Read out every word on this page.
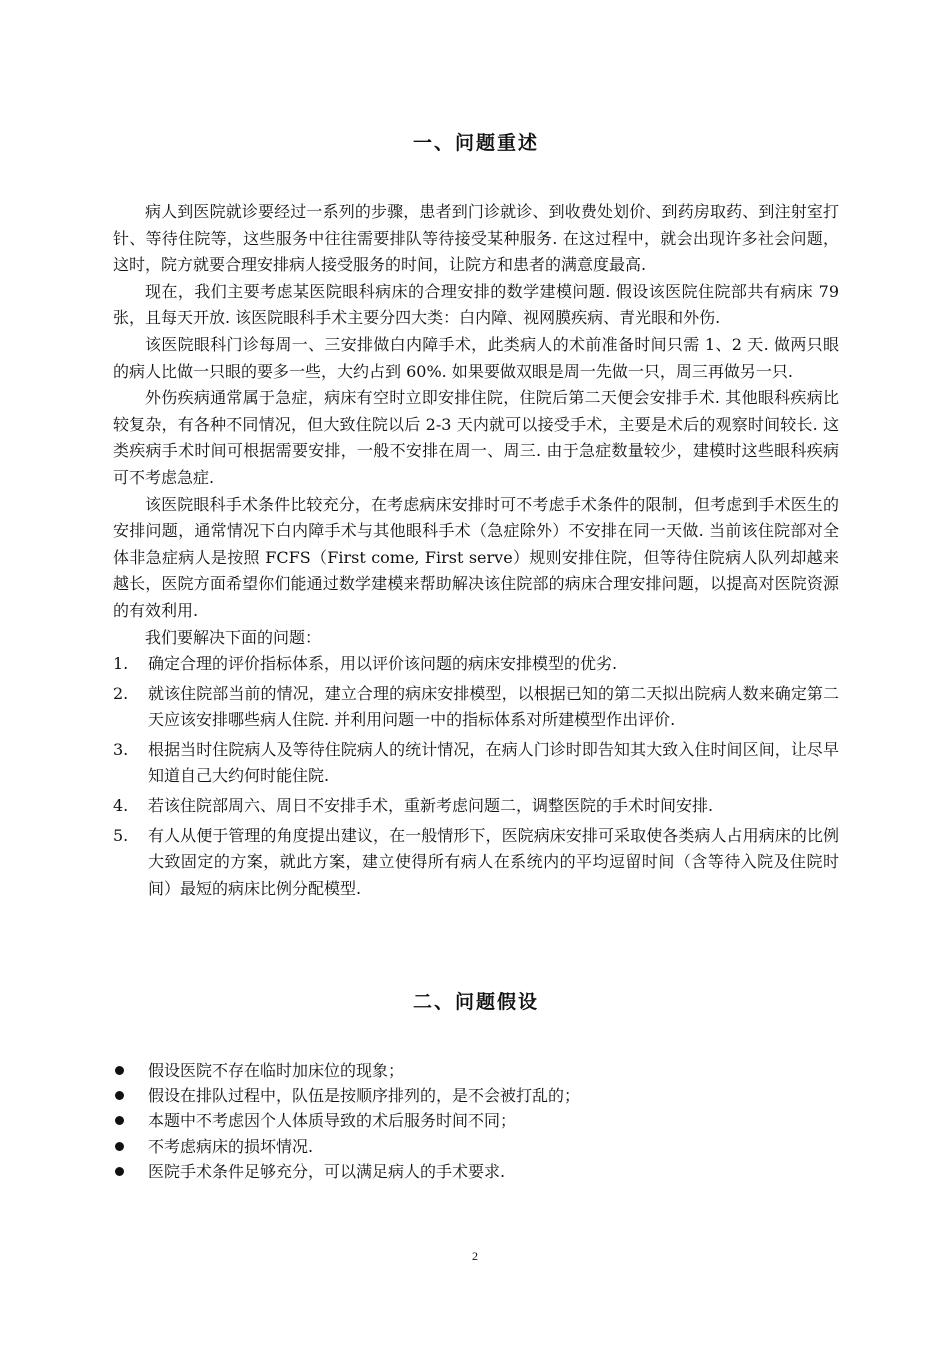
一、问题重述

病人到医院就诊要经过一系列的步骤，患者到门诊就诊、到收费处划价、到药房取药、到注射室打针、等待住院等，这些服务中往往需要排队等待接受某种服务. 在这过程中，就会出现许多社会问题，这时，院方就要合理安排病人接受服务的时间，让院方和患者的满意度最高.

现在，我们主要考虑某医院眼科病床的合理安排的数学建模问题. 假设该医院住院部共有病床 79 张，且每天开放. 该医院眼科手术主要分四大类：白内障、视网膜疾病、青光眼和外伤.

该医院眼科门诊每周一、三安排做白内障手术，此类病人的术前准备时间只需 1、2 天. 做两只眼的病人比做一只眼的要多一些，大约占到 60%. 如果要做双眼是周一先做一只，周三再做另一只.

外伤疾病通常属于急症，病床有空时立即安排住院，住院后第二天便会安排手术. 其他眼科疾病比较复杂，有各种不同情况，但大致住院以后 2-3 天内就可以接受手术，主要是术后的观察时间较长. 这类疾病手术时间可根据需要安排，一般不安排在周一、周三. 由于急症数量较少，建模时这些眼科疾病可不考虑急症.

该医院眼科手术条件比较充分，在考虑病床安排时可不考虑手术条件的限制，但考虑到手术医生的安排问题，通常情况下白内障手术与其他眼科手术（急症除外）不安排在同一天做. 当前该住院部对全体非急症病人是按照 FCFS（First come, First serve）规则安排住院，但等待住院病人队列却越来越长，医院方面希望你们能通过数学建模来帮助解决该住院部的病床合理安排问题，以提高对医院资源的有效利用.

我们要解决下面的问题：

1. 确定合理的评价指标体系，用以评价该问题的病床安排模型的优劣.
2. 就该住院部当前的情况，建立合理的病床安排模型，以根据已知的第二天拟出院病人数来确定第二天应该安排哪些病人住院. 并利用问题一中的指标体系对所建模型作出评价.
3. 根据当时住院病人及等待住院病人的统计情况，在病人门诊时即告知其大致入住时间区间，让尽早知道自己大约何时能住院.
4. 若该住院部周六、周日不安排手术，重新考虑问题二，调整医院的手术时间安排.
5. 有人从便于管理的角度提出建议，在一般情形下，医院病床安排可采取使各类病人占用病床的比例大致固定的方案，就此方案，建立使得所有病人在系统内的平均逗留时间（含等待入院及住院时间）最短的病床比例分配模型.
二、问题假设
假设医院不存在临时加床位的现象；
假设在排队过程中，队伍是按顺序排列的，是不会被打乱的；
本题中不考虑因个人体质导致的术后服务时间不同；
不考虑病床的损坏情况.
医院手术条件足够充分，可以满足病人的手术要求.
2
